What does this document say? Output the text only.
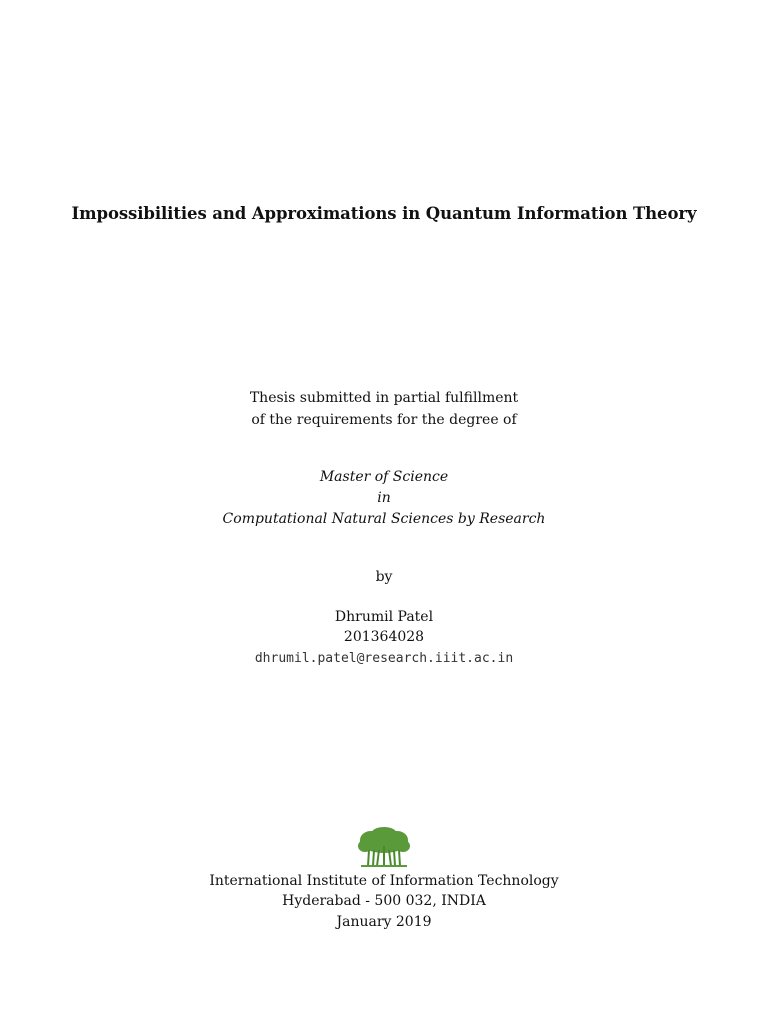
Impossibilities and Approximations in Quantum Information Theory
Thesis submitted in partial fulfillment
of the requirements for the degree of
Master of Science
in
Computational Natural Sciences by Research
by
Dhrumil Patel
201364028
dhrumil.patel@research.iiit.ac.in
International Institute of Information Technology
Hyderabad - 500 032, INDIA
January 2019
